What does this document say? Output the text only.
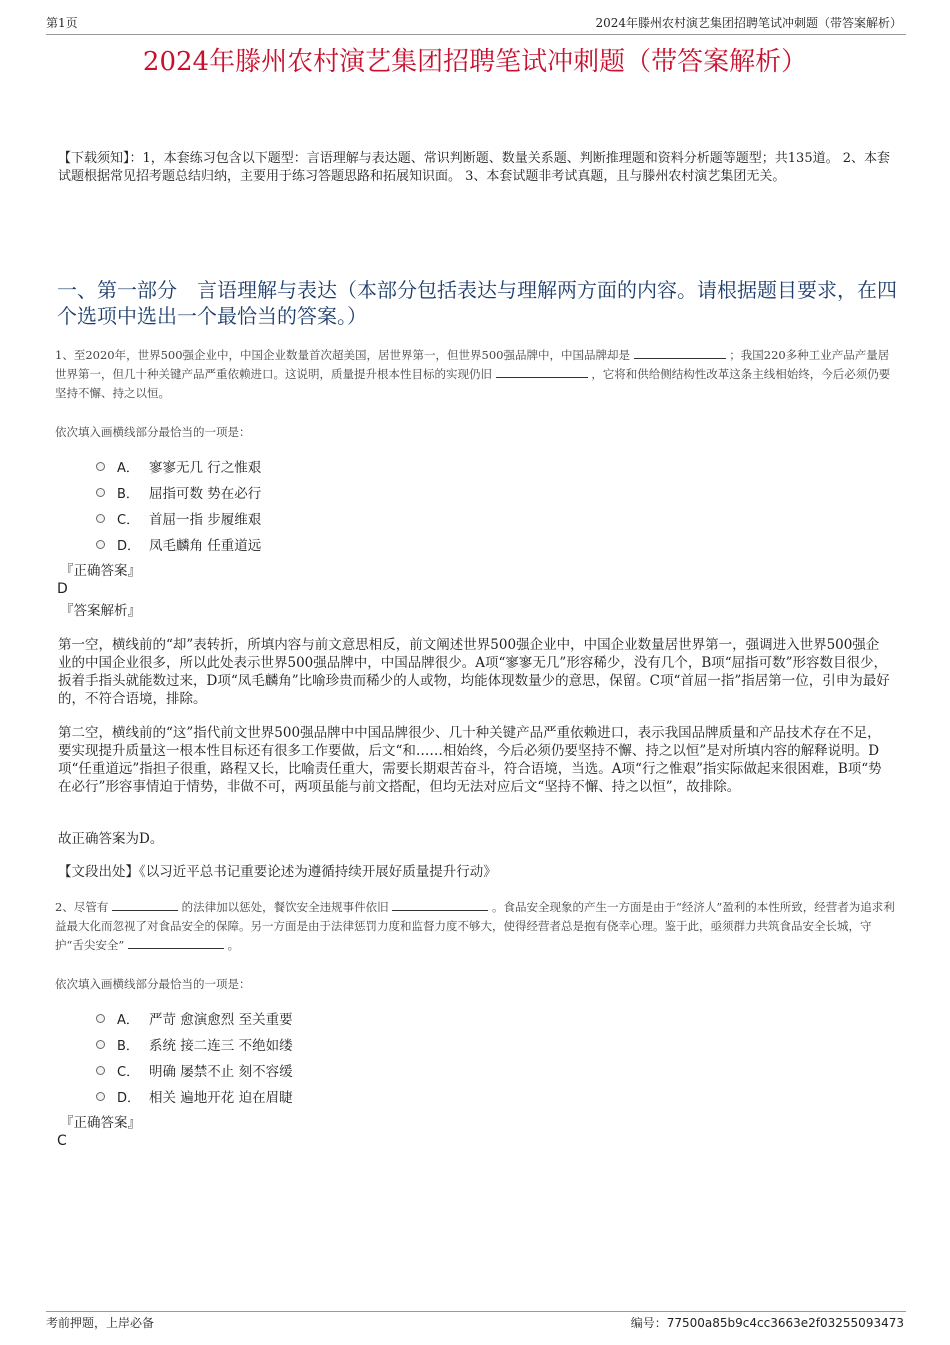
第1页	2024年滕州农村演艺集团招聘笔试冲刺题（带答案解析）
2024年滕州农村演艺集团招聘笔试冲刺题（带答案解析）
【下载须知】：1，本套练习包含以下题型：言语理解与表达题、常识判断题、数量关系题、判断推理题和资料分析题等题型；共135道。 2、本套试题根据常见招考题总结归纳，主要用于练习答题思路和拓展知识面。 3、本套试题非考试真题，且与滕州农村演艺集团无关。
一、第一部分　言语理解与表达（本部分包括表达与理解两方面的内容。请根据题目要求，在四个选项中选出一个最恰当的答案。）
1、至2020年，世界500强企业中，中国企业数量首次超美国，居世界第一，但世界500强品牌中，中国品牌却是	；我国220多种工业产品产量居世界第一，但几十种关键产品严重依赖进口。这说明，质量提升根本性目标的实现仍旧	，它将和供给侧结构性改革这条主线相始终，今后必须仍要坚持不懈、持之以恒。
依次填入画横线部分最恰当的一项是：
A． 寥寥无几 行之惟艰
B． 屈指可数 势在必行
C． 首屈一指 步履维艰
D． 凤毛麟角 任重道远
『正确答案』
D
『答案解析』
第一空，横线前的“却”表转折，所填内容与前文意思相反，前文阐述世界500强企业中，中国企业数量居世界第一，强调进入世界500强企业的中国企业很多，所以此处表示世界500强品牌中，中国品牌很少。A项“寥寥无几”形容稀少，没有几个，B项“屈指可数”形容数目很少，扳着手指头就能数过来，D项“凤毛麟角”比喻珍贵而稀少的人或物，均能体现数量少的意思，保留。C项“首屈一指”指居第一位，引申为最好的，不符合语境，排除。
第二空，横线前的“这”指代前文世界500强品牌中中国品牌很少、几十种关键产品严重依赖进口，表示我国品牌质量和产品技术存在不足，要实现提升质量这一根本性目标还有很多工作要做，后文“和……相始终，今后必须仍要坚持不懈、持之以恒”是对所填内容的解释说明。D项“任重道远”指担子很重，路程又长，比喻责任重大，需要长期艰苦奋斗，符合语境，当选。A项“行之惟艰”指实际做起来很困难，B项“势在必行”形容事情迫于情势，非做不可，两项虽能与前文搭配，但均无法对应后文“坚持不懈、持之以恒”，故排除。
故正确答案为D。
【文段出处】《以习近平总书记重要论述为遵循持续开展好质量提升行动》
2、尽管有	的法律加以惩处，餐饮安全违规事件依旧	。食品安全现象的产生一方面是由于“经济人”盈利的本性所致，经营者为追求利益最大化而忽视了对食品安全的保障。另一方面是由于法律惩罚力度和监督力度不够大，使得经营者总是抱有侥幸心理。鉴于此，亟须群力共筑食品安全长城，守护“舌尖安全”	。
依次填入画横线部分最恰当的一项是：
A． 严苛 愈演愈烈 至关重要
B． 系统 接二连三 不绝如缕
C． 明确 屡禁不止 刻不容缓
D． 相关 遍地开花 迫在眉睫
『正确答案』
C
考前押题，上岸必备	编号：77500a85b9c4cc3663e2f03255093473
